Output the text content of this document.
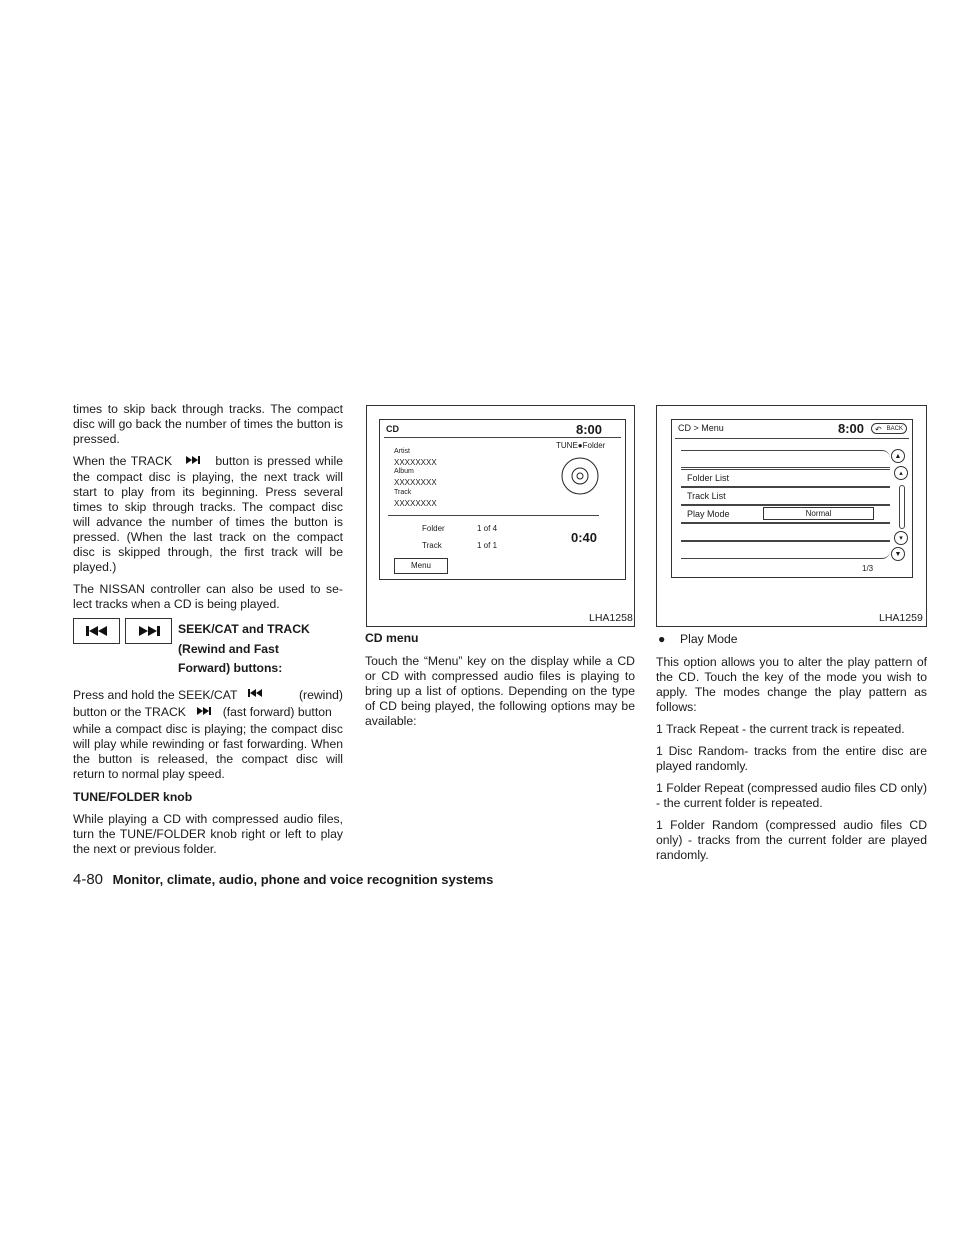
times to skip back through tracks. The compact disc will go back the number of times the button is pressed.

When the TRACK	button is pressed while the compact disc is playing, the next track will start to play from its beginning. Press several times to skip through tracks. The compact disc will advance the number of times the button is pressed. (When the last track on the compact disc is skipped through, the first track will be played.)

The NISSAN controller can also be used to se-lect tracks when a CD is being played.

SEEK/CAT and TRACK
(Rewind and Fast
Forward) buttons:

Press and hold the SEEK/CAT	(rewind)

button or the TRACK	(fast forward) button
while a compact disc is playing; the compact disc will play while rewinding or fast forwarding. When the button is released, the compact disc will return to normal play speed.

TUNE/FOLDER knob

While playing a CD with compressed audio files, turn the TUNE/FOLDER knob right or left to play the next or previous folder.

CD	8:00
TUNE●Folder
Artist
XXXXXXXX
Album
XXXXXXXX
Track
XXXXXXXX
Folder	1 of 4
Track	1 of 1
0:40
Menu
LHA1258

CD menu

Touch the “Menu” key on the display while a CD or CD with compressed audio files is playing to bring up a list of options. Depending on the type of CD being played, the following options may be available:

CD > Menu	8:00 ↶ BACK
Folder List
Track List
Play Mode	Normal
▲
▴
▾
▼
1/3
LHA1259

● Play Mode

This option allows you to alter the play pattern of the CD. Touch the key of the mode you wish to apply. The modes change the play pattern as follows:

1 Track Repeat - the current track is repeated.

1 Disc Random- tracks from the entire disc are played randomly.

1 Folder Repeat (compressed audio files CD only) - the current folder is repeated.

1 Folder Random (compressed audio files CD only) - tracks from the current folder are played randomly.

4-80 Monitor, climate, audio, phone and voice recognition systems
